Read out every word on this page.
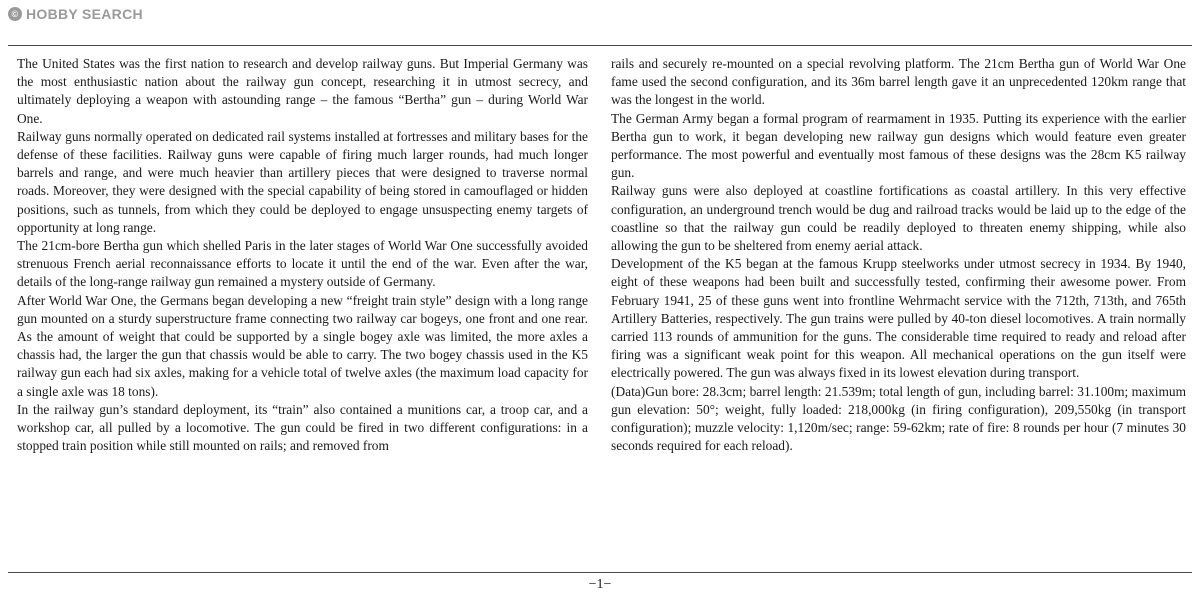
© HOBBY SEARCH

The United States was the first nation to research and develop railway guns. But Imperial Germany was the most enthusiastic nation about the railway gun concept, researching it in utmost secrecy, and ultimately deploying a weapon with astounding range – the famous “Bertha” gun – during World War One.

Railway guns normally operated on dedicated rail systems installed at fortresses and military bases for the defense of these facilities. Railway guns were capable of firing much larger rounds, had much longer barrels and range, and were much heavier than artillery pieces that were designed to traverse normal roads. Moreover, they were designed with the special capability of being stored in camouflaged or hidden positions, such as tunnels, from which they could be deployed to engage unsuspecting enemy targets of opportunity at long range.

The 21cm-bore Bertha gun which shelled Paris in the later stages of World War One successfully avoided strenuous French aerial reconnaissance efforts to locate it until the end of the war. Even after the war, details of the long-range railway gun remained a mystery outside of Germany.

After World War One, the Germans began developing a new “freight train style” design with a long range gun mounted on a sturdy superstructure frame connecting two railway car bogeys, one front and one rear. As the amount of weight that could be supported by a single bogey axle was limited, the more axles a chassis had, the larger the gun that chassis would be able to carry. The two bogey chassis used in the K5 railway gun each had six axles, making for a vehicle total of twelve axles (the maximum load capacity for a single axle was 18 tons).

In the railway gun’s standard deployment, its “train” also contained a munitions car, a troop car, and a workshop car, all pulled by a locomotive. The gun could be fired in two different configurations: in a stopped train position while still mounted on rails; and removed from

rails and securely re-mounted on a special revolving platform. The 21cm Bertha gun of World War One fame used the second configuration, and its 36m barrel length gave it an unprecedented 120km range that was the longest in the world.

The German Army began a formal program of rearmament in 1935. Putting its experience with the earlier Bertha gun to work, it began developing new railway gun designs which would feature even greater performance. The most powerful and eventually most famous of these designs was the 28cm K5 railway gun.

Railway guns were also deployed at coastline fortifications as coastal artillery. In this very effective configuration, an underground trench would be dug and railroad tracks would be laid up to the edge of the coastline so that the railway gun could be readily deployed to threaten enemy shipping, while also allowing the gun to be sheltered from enemy aerial attack.

Development of the K5 began at the famous Krupp steelworks under utmost secrecy in 1934. By 1940, eight of these weapons had been built and successfully tested, confirming their awesome power. From February 1941, 25 of these guns went into frontline Wehrmacht service with the 712th, 713th, and 765th Artillery Batteries, respectively. The gun trains were pulled by 40-ton diesel locomotives. A train normally carried 113 rounds of ammunition for the guns. The considerable time required to ready and reload after firing was a significant weak point for this weapon. All mechanical operations on the gun itself were electrically powered. The gun was always fixed in its lowest elevation during transport.

(Data)Gun bore: 28.3cm; barrel length: 21.539m; total length of gun, including barrel: 31.100m; maximum gun elevation: 50°; weight, fully loaded: 218,000kg (in firing configuration), 209,550kg (in transport configuration); muzzle velocity: 1,120m/sec; range: 59-62km; rate of fire: 8 rounds per hour (7 minutes 30 seconds required for each reload).

−1−
